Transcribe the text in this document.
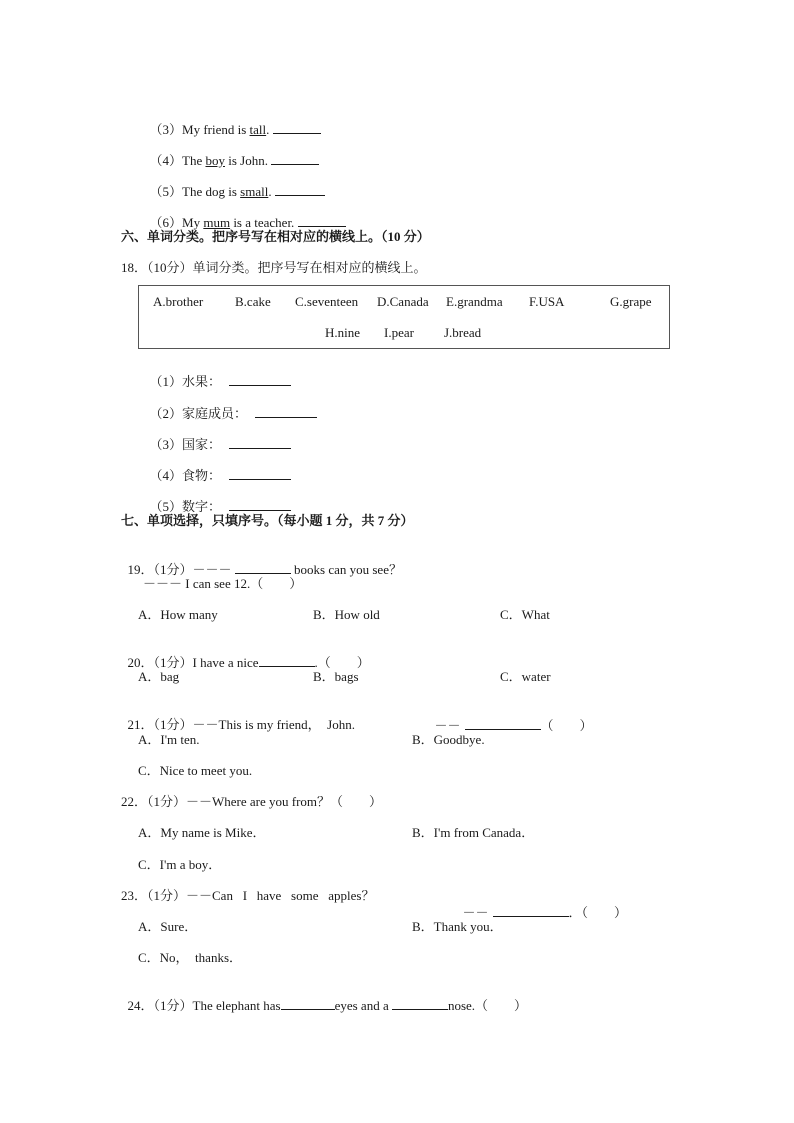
（3）My friend is tall.

（4）The boy is John.

（5）The dog is small.

（6）My mum is a teacher.

六、单词分类。把序号写在相对应的横线上。（10 分）
18．（10分）单词分类。把序号写在相对应的横线上。
A.brother B.cake C.seventeen D.Canada E.grandma F.USA	G.grape
H.nine I.pear J.bread

（1）水果：

（2）家庭成员：

（3）国家：

（4）食物：

（5）数字：

七、单项选择，只填序号。（每小题 1 分，共 7 分）

19．（1分）－－－	books can you see？

－－－ I can see 12.（　　）
A．How many	B．How old	C．What

20．（1分）I have a nice	.（　　）

A．bag	B．bags	C．water

21．（1分）－－This is my friend，  John.	－－	（　　）

A．I'm ten.	B．Goodbye.
C．Nice to meet you.
22．（1分）－－Where are you from？（　　）
A．My name is Mike．	B．I'm from Canada．
C．I'm a boy．
23．（1分）－－Can   I   have   some   apples？

－－	．（　　）

A．Sure．	B．Thank you．
C．No，  thanks．

24．（1分）The elephant has	eyes and a	nose.（　　）
